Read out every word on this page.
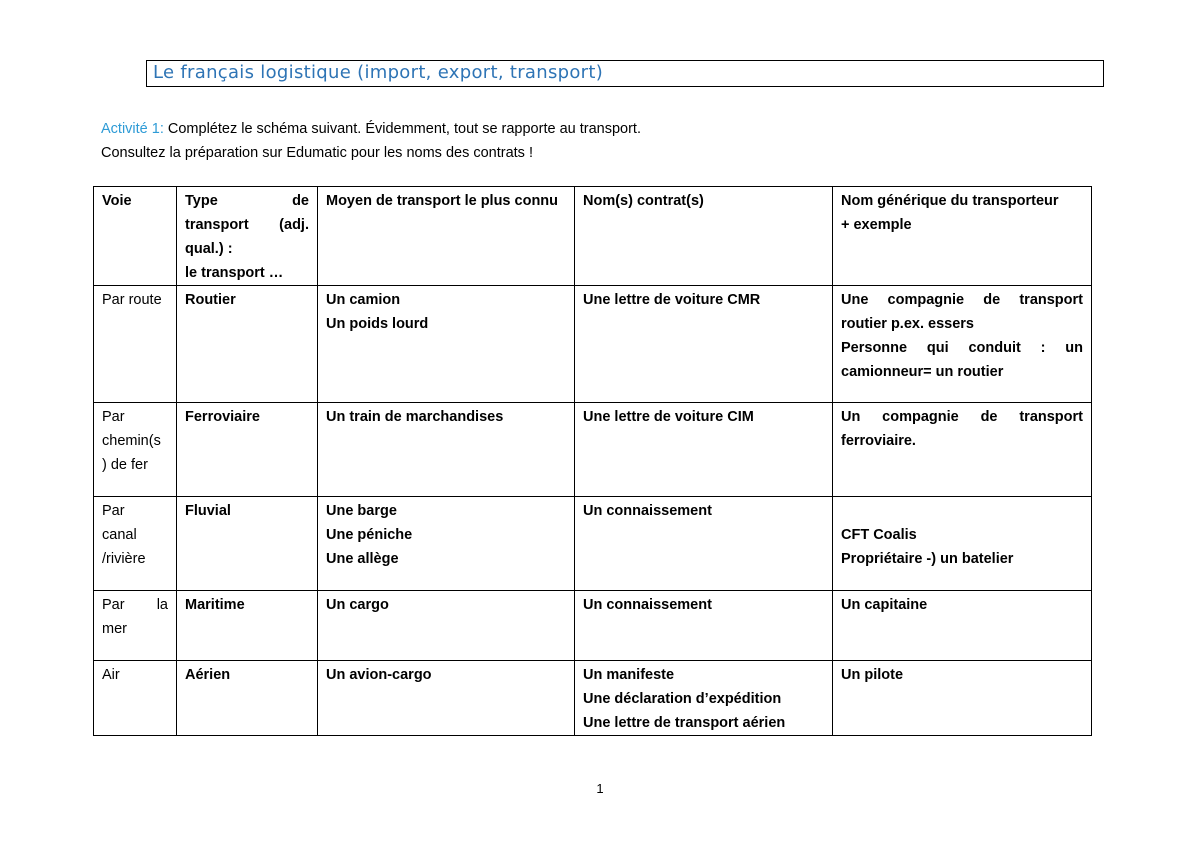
Le français logistique (import, export, transport)
Activité 1: Complétez le schéma suivant. Évidemment, tout se rapporte au transport.
Consultez la préparation sur Edumatic pour les noms des contrats !
Voie	Type de
transport (adj.
qual.) :
le transport …	Moyen de transport le plus connu	Nom(s) contrat(s)	Nom générique du transporteur
+ exemple

Par route	Routier	Un camion
Un poids lourd	Une lettre de voiture CMR	Une compagnie de transport
routier p.ex. essers
Personne qui conduit : un
camionneur= un routier

Par
chemin(s
) de fer	Ferroviaire	Un train de marchandises	Une lettre de voiture CIM	Un compagnie de transport
ferroviaire.

Par
canal
/rivière	Fluvial	Une barge
Une péniche
Une allège	Un connaissement	CFT Coalis
Propriétaire -) un batelier

Par la
mer	Maritime	Un cargo	Un connaissement	Un capitaine

Air	Aérien	Un avion-cargo	Un manifeste
Une déclaration d’expédition
Une lettre de transport aérien	Un pilote
1
